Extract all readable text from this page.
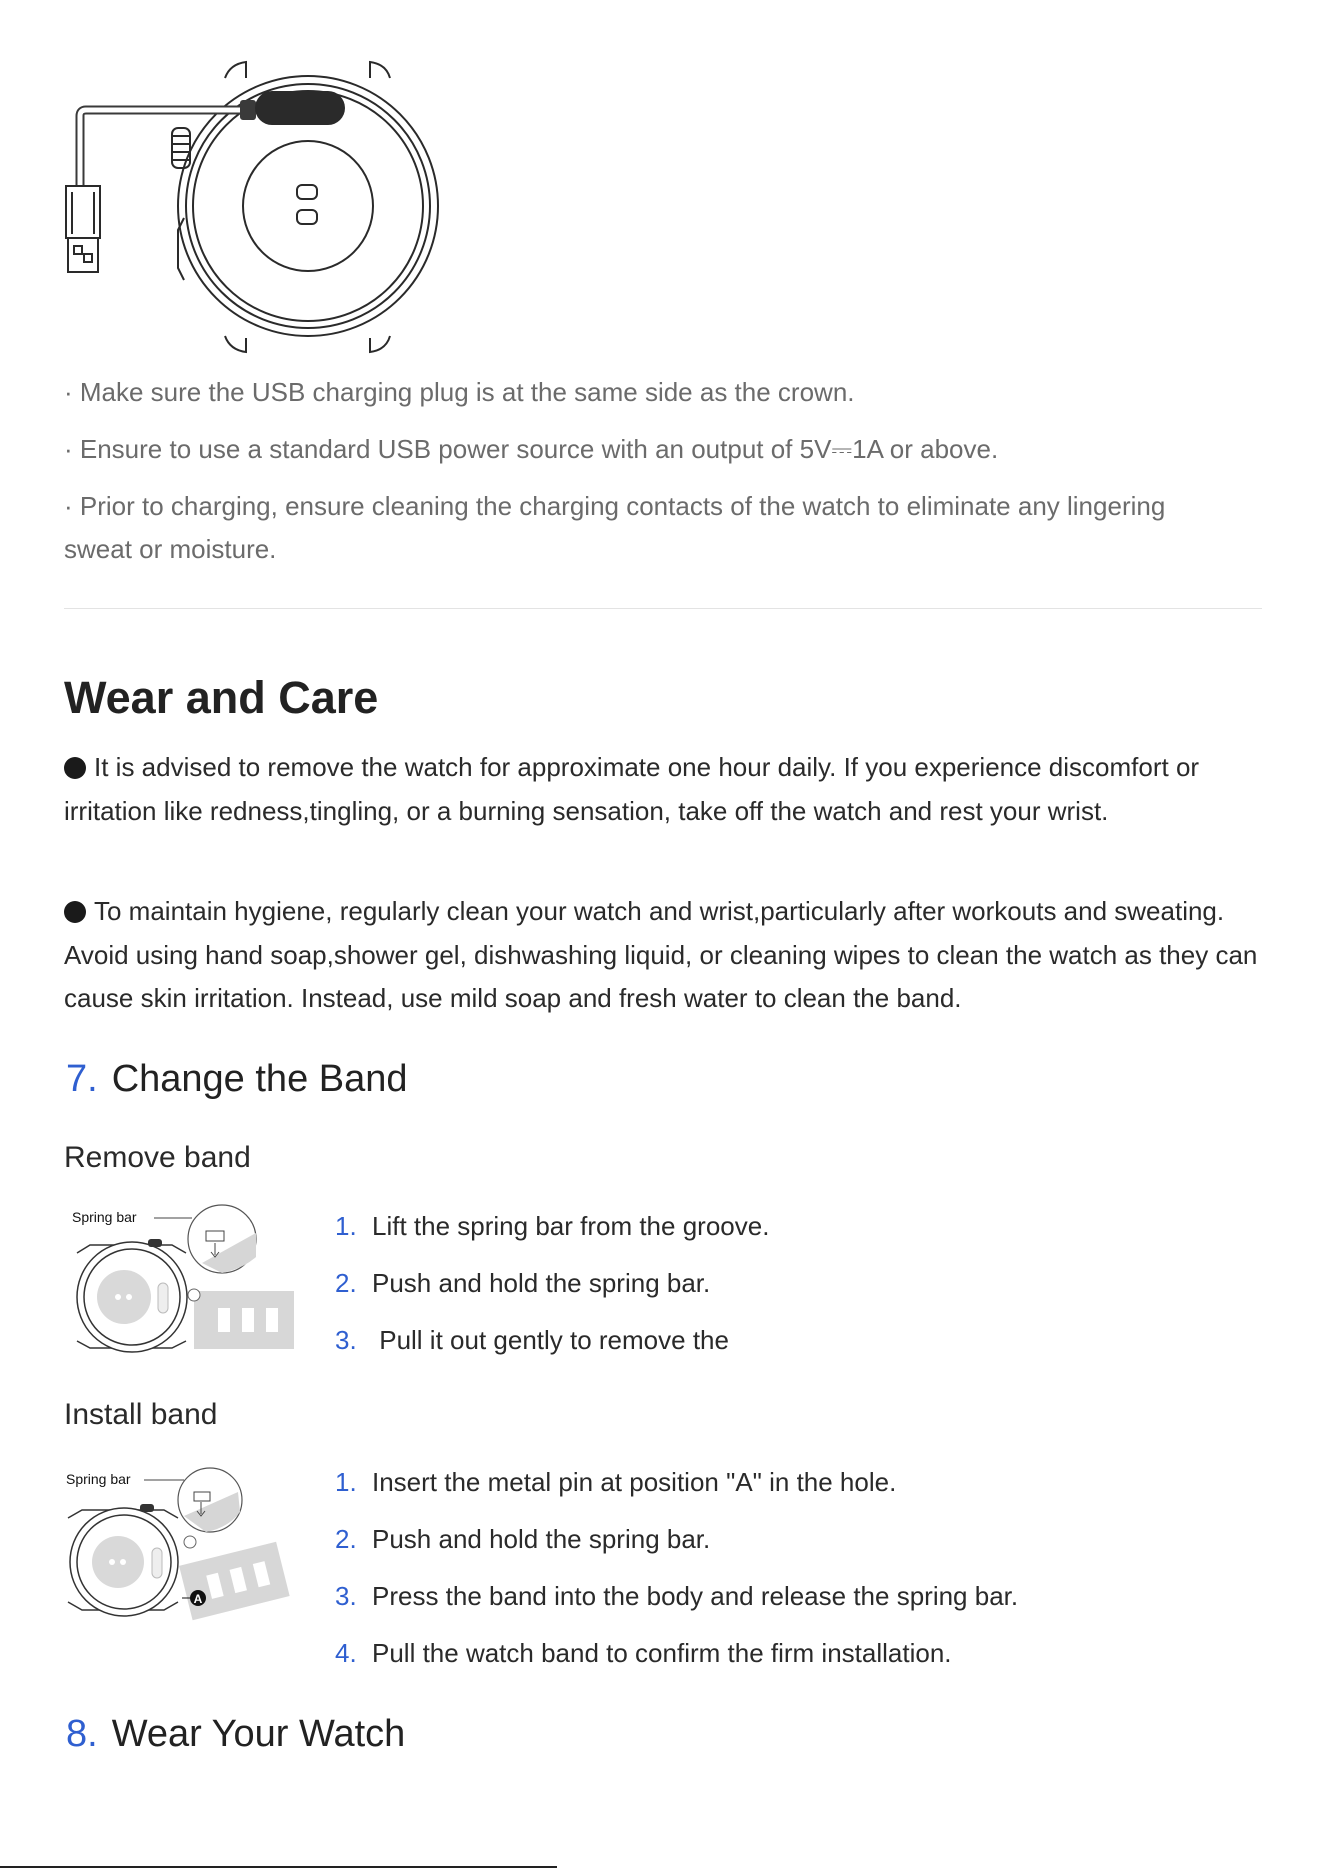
· Make sure the USB charging plug is at the same side as the crown.
· Ensure to use a standard USB power source with an output of 5V⎓1A or above.
· Prior to charging, ensure cleaning the charging contacts of the watch to eliminate any lingering sweat or moisture.
Wear and Care
It is advised to remove the watch for approximate one hour daily. If you experience discomfort or irritation like redness,tingling, or a burning sensation, take off the watch and rest your wrist.
To maintain hygiene, regularly clean your watch and wrist,particularly after workouts and sweating. Avoid using hand soap,shower gel, dishwashing liquid, or cleaning wipes to clean the watch as they can cause skin irritation. Instead, use mild soap and fresh water to clean the band.
7. Change the Band
Remove band
Spring bar	1. Lift the spring bar from the groove.
2. Push and hold the spring bar.
3. Pull it out gently to remove the
Install band
Spring bar
A
1. Insert the metal pin at position "A" in the hole.
2. Push and hold the spring bar.
3. Press the band into the body and release the spring bar.
4. Pull the watch band to confirm the firm installation.
8. Wear Your Watch
